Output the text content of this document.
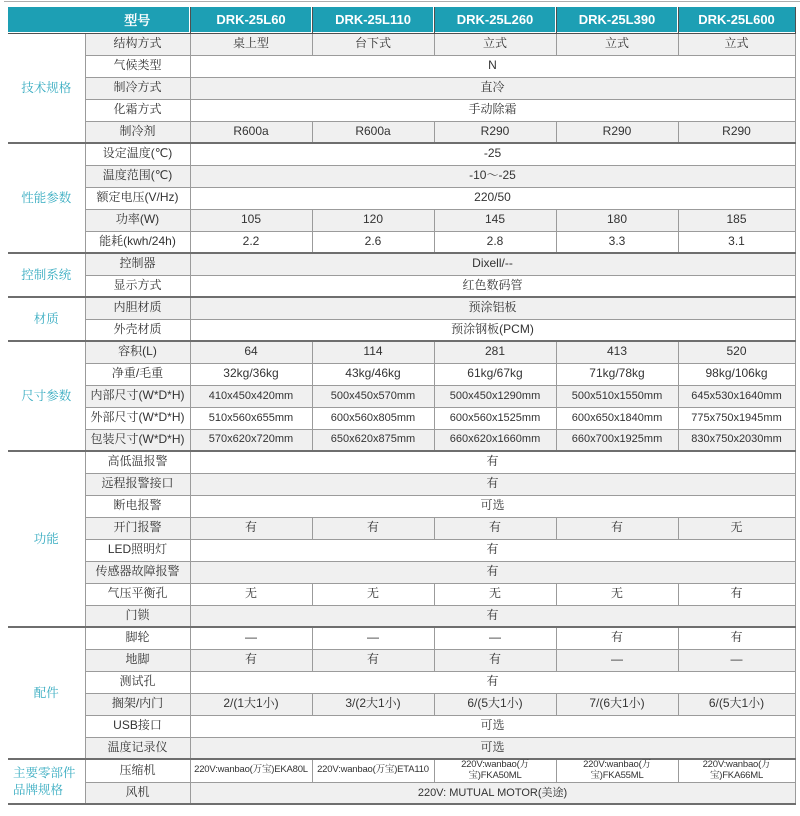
	型号	DRK-25L60	DRK-25L110	DRK-25L260	DRK-25L390	DRK-25L600
技术规格	结构方式	桌上型	台下式	立式	立式	立式
	气候类型	N				
	制冷方式	直冷				
	化霜方式	手动除霜				
	制冷剂	R600a	R600a	R290	R290	R290
性能参数	设定温度(℃)	-25				
	温度范围(℃)	-10～-25				
	额定电压(V/Hz)	220/50				
	功率(W)	105	120	145	180	185
	能耗(kwh/24h)	2.2	2.6	2.8	3.3	3.1
控制系统	控制器	Dixell/--				
	显示方式	红色数码管				
材质	内胆材质	预涂铝板				
	外壳材质	预涂钢板(PCM)				
尺寸参数	容积(L)	64	114	281	413	520
	净重/毛重	32kg/36kg	43kg/46kg	61kg/67kg	71kg/78kg	98kg/106kg
	内部尺寸(W*D*H)	410x450x420mm	500x450x570mm	500x450x1290mm	500x510x1550mm	645x530x1640mm
	外部尺寸(W*D*H)	510x560x655mm	600x560x805mm	600x560x1525mm	600x650x1840mm	775x750x1945mm
	包装尺寸(W*D*H)	570x620x720mm	650x620x875mm	660x620x1660mm	660x700x1925mm	830x750x2030mm
功能	高低温报警	有				
	远程报警接口	有				
	断电报警	可选				
	开门报警	有	有	有	有	无
	LED照明灯	有				
	传感器故障报警	有				
	气压平衡孔	无	无	无	无	有
	门锁	有				
配件	脚轮	—	—	—	有	有
	地脚	有	有	有	—	—
	测试孔	有				
	搁架/内门	2/(1大1小)	3/(2大1小)	6/(5大1小)	7/(6大1小)	6/(5大1小)
	USB接口	可选				
	温度记录仪	可选				
主要零部件
品牌规格	压缩机	220V:wanbao(万宝)EKA80L	220V:wanbao(万宝)ETA110	220V:wanbao(万宝)FKA50ML	220V:wanbao(万宝)FKA55ML	220V:wanbao(万宝)FKA66ML
	风机	220V: MUTUAL MOTOR(美途)				
